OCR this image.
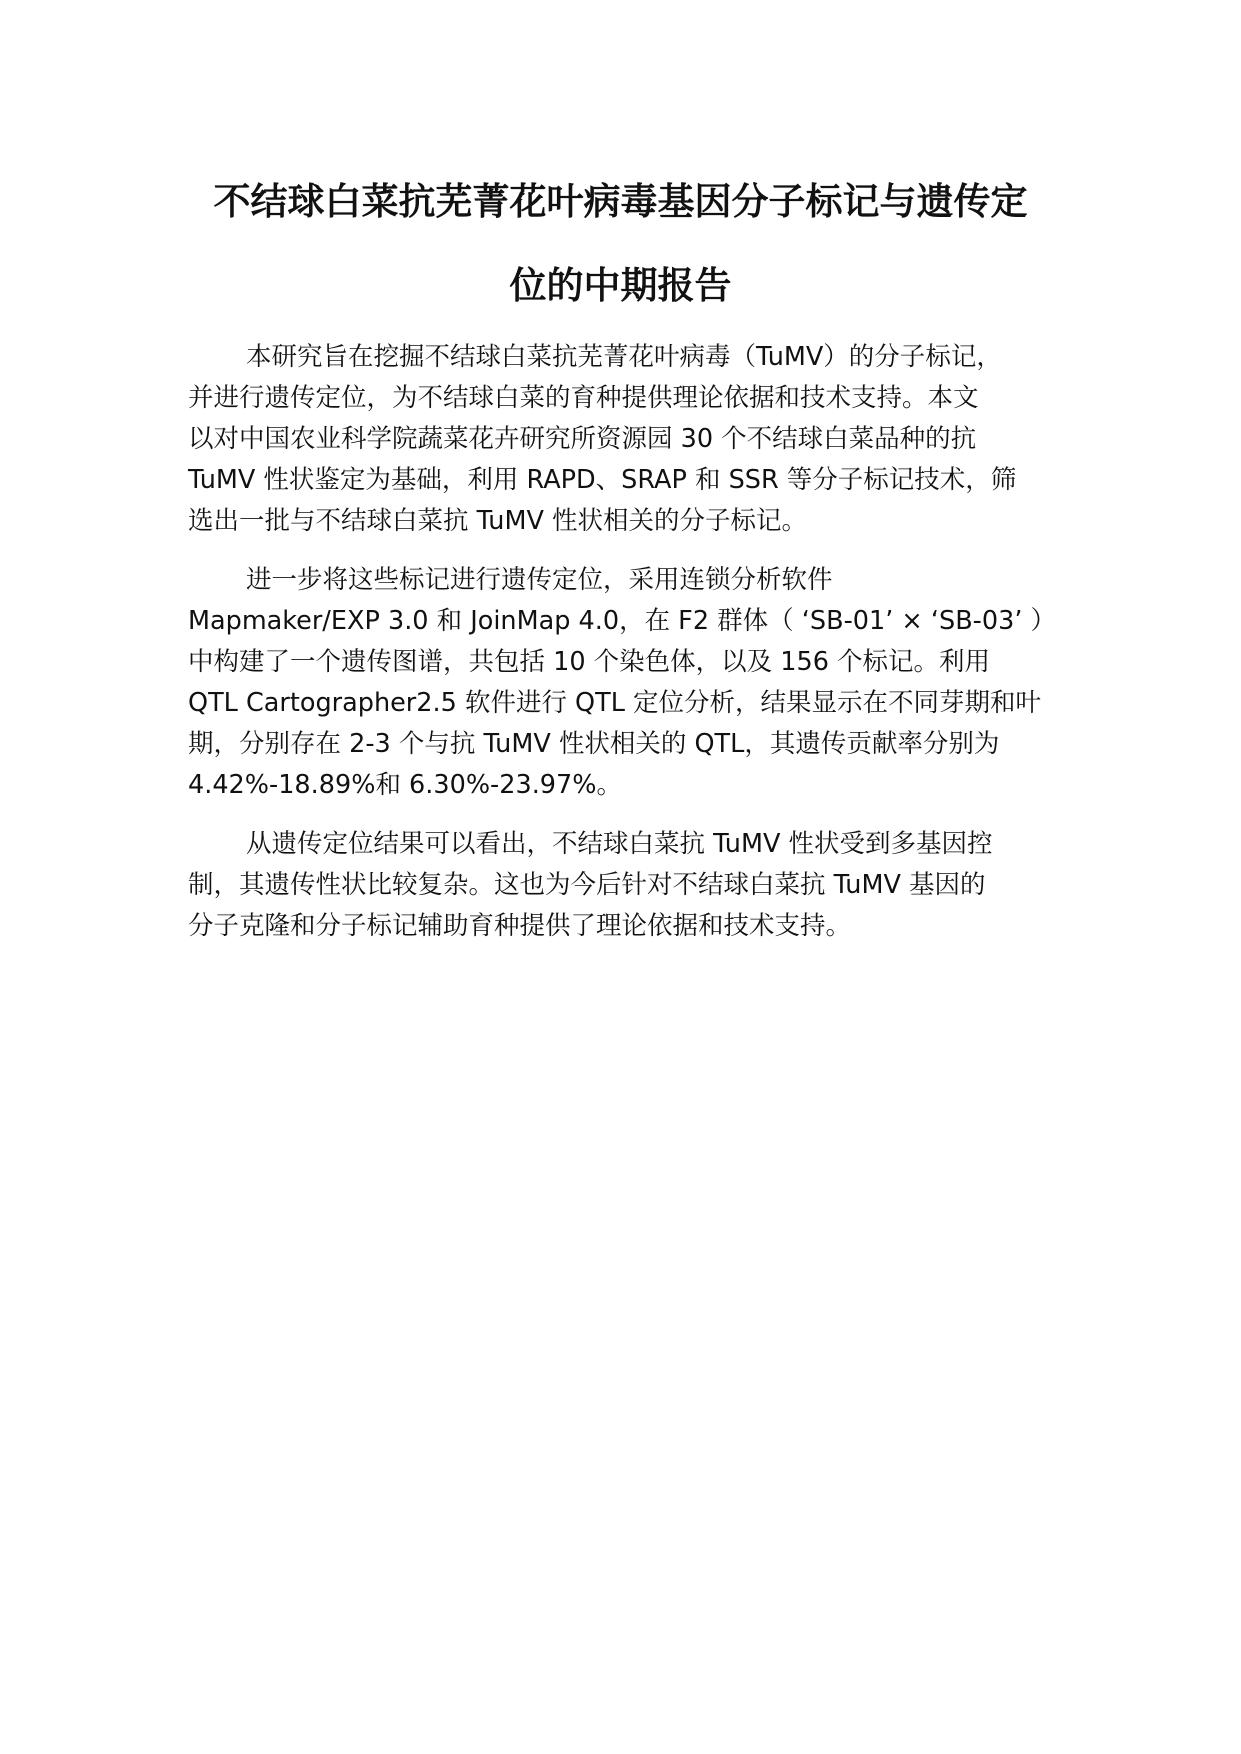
不结球白菜抗芜菁花叶病毒基因分子标记与遗传定
位的中期报告
本研究旨在挖掘不结球白菜抗芜菁花叶病毒（TuMV）的分子标记，
并进行遗传定位，为不结球白菜的育种提供理论依据和技术支持。本文
以对中国农业科学院蔬菜花卉研究所资源园 30 个不结球白菜品种的抗
TuMV 性状鉴定为基础，利用 RAPD、SRAP 和 SSR 等分子标记技术，筛
选出一批与不结球白菜抗 TuMV 性状相关的分子标记。
进一步将这些标记进行遗传定位，采用连锁分析软件
Mapmaker/EXP 3.0 和 JoinMap 4.0，在 F2 群体（ ‘SB-01’ × ‘SB-03’ ）
中构建了一个遗传图谱，共包括 10 个染色体，以及 156 个标记。利用
QTL Cartographer2.5 软件进行 QTL 定位分析，结果显示在不同芽期和叶
期，分别存在 2-3 个与抗 TuMV 性状相关的 QTL，其遗传贡献率分别为
4.42%-18.89%和 6.30%-23.97%。
从遗传定位结果可以看出，不结球白菜抗 TuMV 性状受到多基因控
制，其遗传性状比较复杂。这也为今后针对不结球白菜抗 TuMV 基因的
分子克隆和分子标记辅助育种提供了理论依据和技术支持。
